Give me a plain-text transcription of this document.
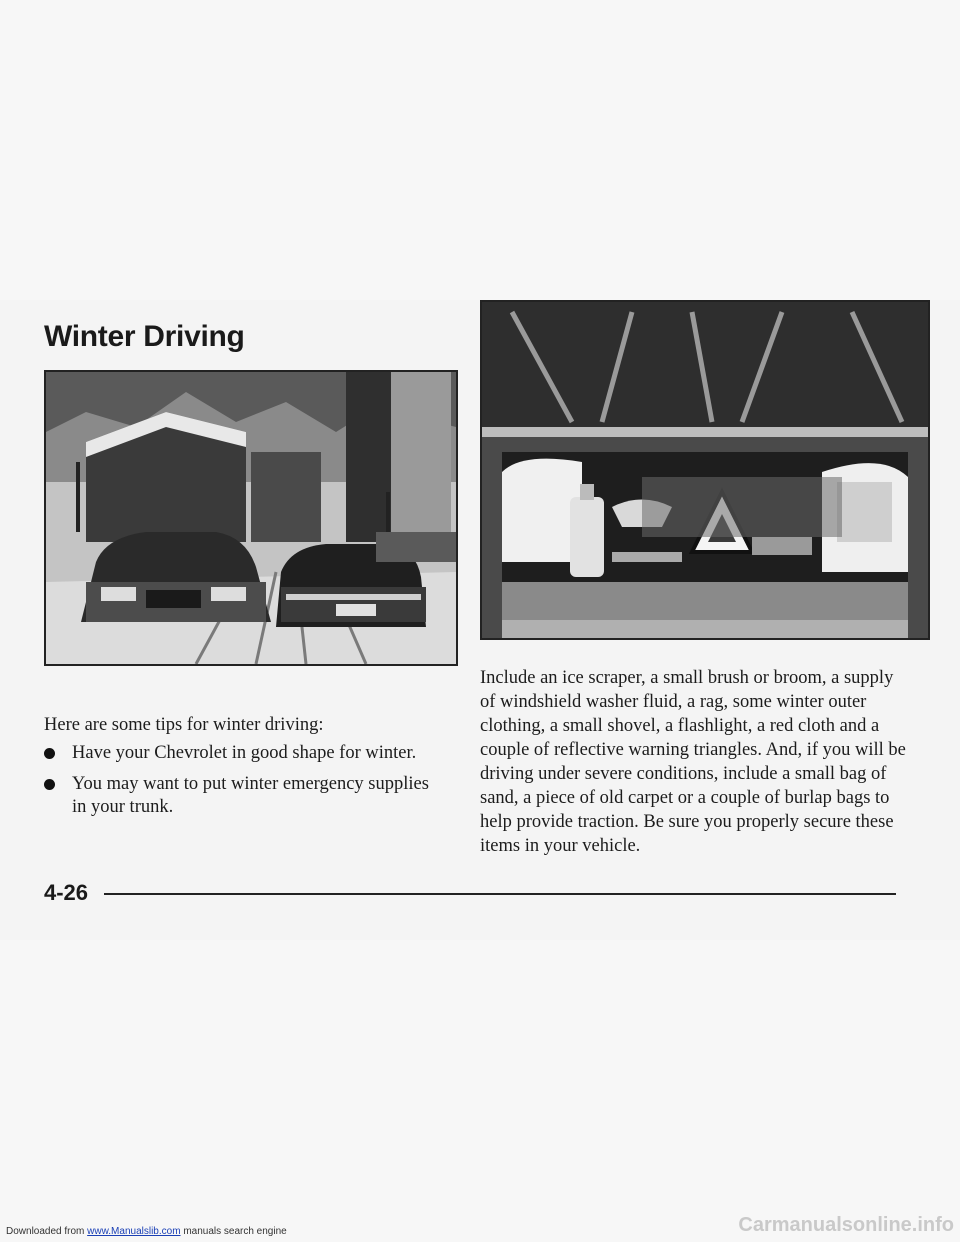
Winter Driving

Here are some tips for winter driving:

Have your Chevrolet in good shape for winter.
You may want to put winter emergency supplies in your trunk.

Include an ice scraper, a small brush or broom, a supply of windshield washer fluid, a rag, some winter outer clothing, a small shovel, a flashlight, a red cloth and a couple of reflective warning triangles. And, if you will be driving under severe conditions, include a small bag of sand, a piece of old carpet or a couple of burlap bags to help provide traction. Be sure you properly secure these items in your vehicle.

4-26
Downloaded from www.Manualslib.com manuals search engine	Carmanualsonline.info
